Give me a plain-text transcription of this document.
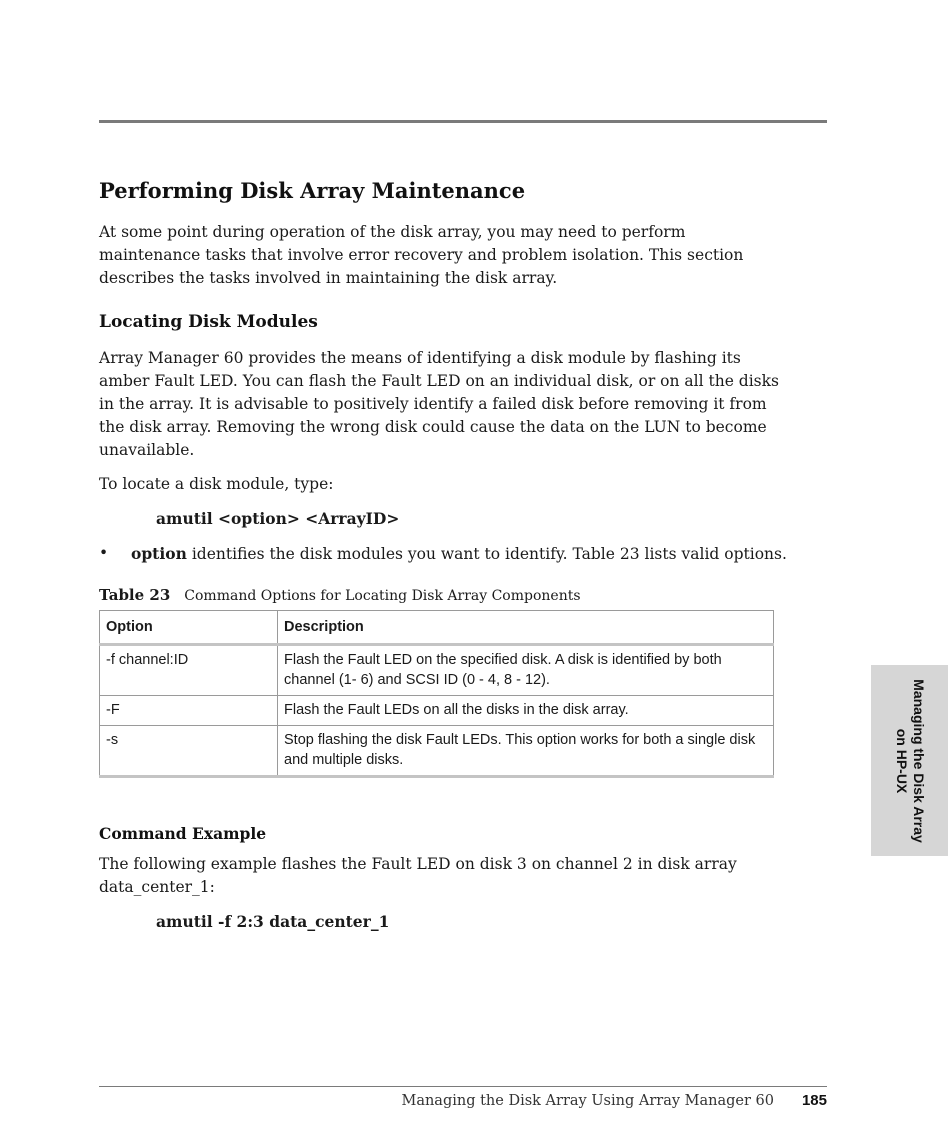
Performing Disk Array Maintenance

At some point during operation of the disk array, you may need to perform maintenance tasks that involve error recovery and problem isolation. This section describes the tasks involved in maintaining the disk array.

Locating Disk Modules

Array Manager 60 provides the means of identifying a disk module by flashing its amber Fault LED. You can flash the Fault LED on an individual disk, or on all the disks in the array. It is advisable to positively identify a failed disk before removing it from the disk array. Removing the wrong disk could cause the data on the LUN to become unavailable.

To locate a disk module, type:

amutil <option> <ArrayID>
•	option identifies the disk modules you want to identify. Table 23 lists valid options.
Table 23 Command Options for Locating Disk Array Components
Option	Description
-f channel:ID	Flash the Fault LED on the specified disk. A disk is identified by both channel (1- 6) and SCSI ID (0 - 4, 8 - 12).
-F	Flash the Fault LEDs on all the disks in the disk array.
-s	Stop flashing the disk Fault LEDs. This option works for both a single disk and multiple disks.
Command Example

The following example flashes the Fault LED on disk 3 on channel 2 in disk array data_center_1:

amutil -f 2:3 data_center_1
Managing the Disk Array
on HP-UX
Managing the Disk Array Using Array Manager 60 185
